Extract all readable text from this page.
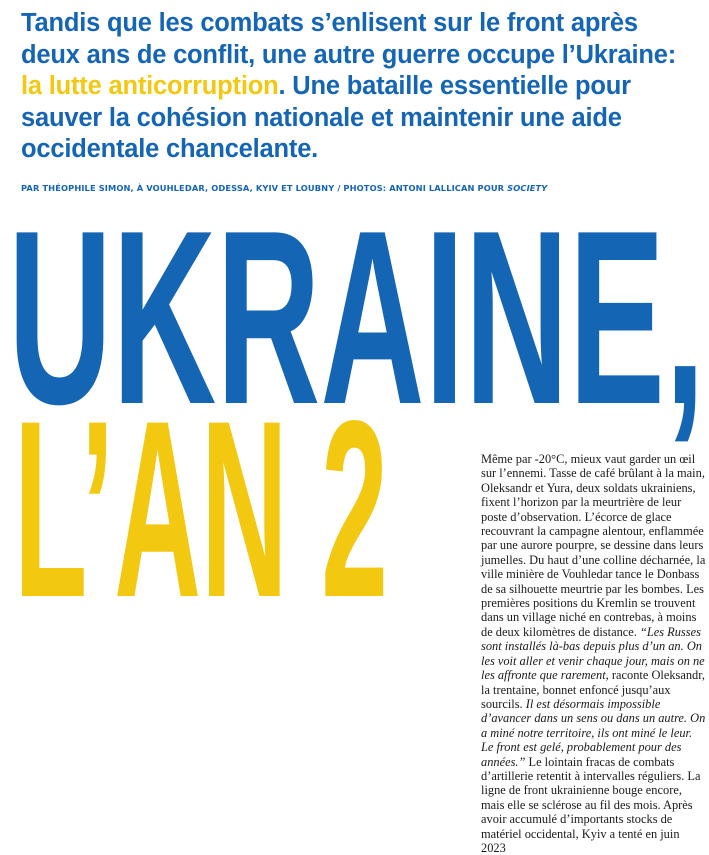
Tandis que les combats s’enlisent sur le front après deux ans de conflit, une autre guerre occupe l’Ukraine: la lutte anticorruption. Une bataille essentielle pour sauver la cohésion nationale et maintenir une aide occidentale chancelante.
PAR THÉOPHILE SIMON, À VOUHLEDAR, ODESSA, KYIV ET LOUBNY / PHOTOS: ANTONI LALLICAN POUR SOCIETY
UKRAINE,
L’AN 2	Même par -20°C, mieux vaut garder un œil sur l’ennemi. Tasse de café brûlant à la main, Oleksandr et Yura, deux soldats ukrainiens, fixent l’horizon par la meurtrière de leur poste d’observation. L’écorce de glace recouvrant la campagne alentour, enflammée par une aurore pourpre, se dessine dans leurs jumelles. Du haut d’une colline décharnée, la ville minière de Vouhledar tance le Donbass de sa silhouette meurtrie par les bombes. Les premières positions du Kremlin se trouvent dans un village niché en contrebas, à moins de deux kilomètres de distance. “Les Russes sont installés là-bas depuis plus d’un an. On les voit aller et venir chaque jour, mais on ne les affronte que rarement, raconte Oleksandr, la trentaine, bonnet enfoncé jusqu’aux sourcils. Il est désormais impossible d’avancer dans un sens ou dans un autre. On a miné notre territoire, ils ont miné le leur. Le front est gelé, probablement pour des années.” Le lointain fracas de combats d’artillerie retentit à intervalles réguliers. La ligne de front ukrainienne bouge encore, mais elle se sclérose au fil des mois. Après avoir accumulé d’importants stocks de matériel occidental, Kyiv a tenté en juin 2023
